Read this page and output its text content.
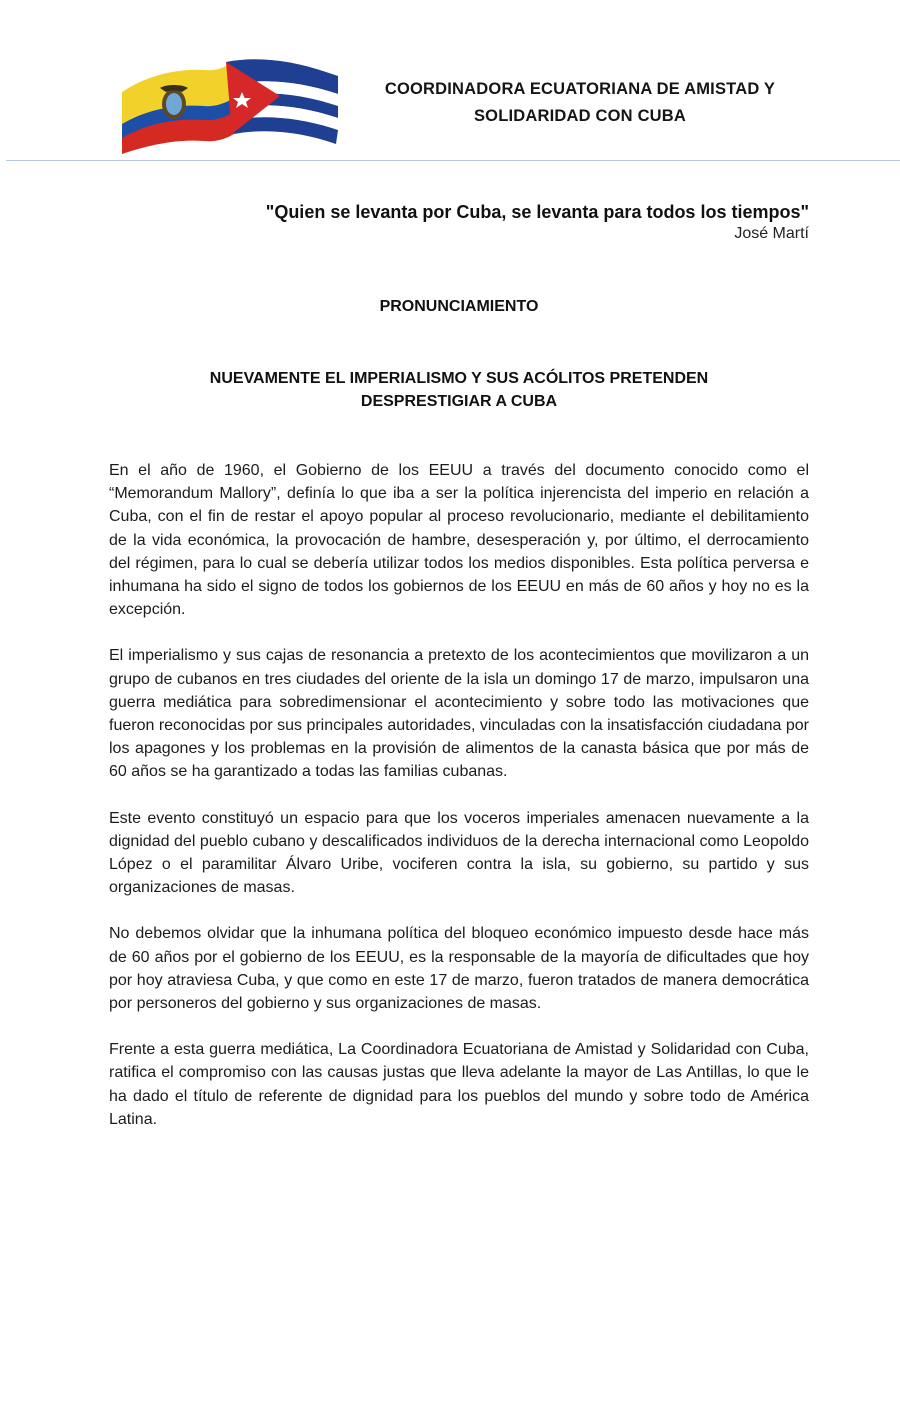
COORDINADORA ECUATORIANA DE AMISTAD Y
SOLIDARIDAD CON CUBA
"Quien se levanta por Cuba, se levanta para todos los tiempos"
José Martí
PRONUNCIAMIENTO
NUEVAMENTE EL IMPERIALISMO Y SUS ACÓLITOS PRETENDEN
DESPRESTIGIAR A CUBA

En el año de 1960, el Gobierno de los EEUU a través del documento conocido como el “Memorandum Mallory”, definía lo que iba a ser la política injerencista del imperio en relación a Cuba, con el fin de restar el apoyo popular al proceso revolucionario, mediante el debilitamiento de la vida económica, la provocación de hambre, desesperación y, por último, el derrocamiento del régimen, para lo cual se debería utilizar todos los medios disponibles. Esta política perversa e inhumana ha sido el signo de todos los gobiernos de los EEUU en más de 60 años y hoy no es la excepción.

El imperialismo y sus cajas de resonancia a pretexto de los acontecimientos que movilizaron a un grupo de cubanos en tres ciudades del oriente de la isla un domingo 17 de marzo, impulsaron una guerra mediática para sobredimensionar el acontecimiento y sobre todo las motivaciones que fueron reconocidas por sus principales autoridades, vinculadas con la insatisfacción ciudadana por los apagones y los problemas en la provisión de alimentos de la canasta básica que por más de 60 años se ha garantizado a todas las familias cubanas.

Este evento constituyó un espacio para que los voceros imperiales amenacen nuevamente a la dignidad del pueblo cubano y descalificados individuos de la derecha internacional como Leopoldo López o el paramilitar Álvaro Uribe, vociferen contra la isla, su gobierno, su partido y sus organizaciones de masas.

No debemos olvidar que la inhumana política del bloqueo económico impuesto desde hace más de 60 años por el gobierno de los EEUU, es la responsable de la mayoría de dificultades que hoy por hoy atraviesa Cuba, y que como en este 17 de marzo, fueron tratados de manera democrática por personeros del gobierno y sus organizaciones de masas.

Frente a esta guerra mediática, La Coordinadora Ecuatoriana de Amistad y Solidaridad con Cuba, ratifica el compromiso con las causas justas que lleva adelante la mayor de Las Antillas, lo que le ha dado el título de referente de dignidad para los pueblos del mundo y sobre todo de América Latina.
